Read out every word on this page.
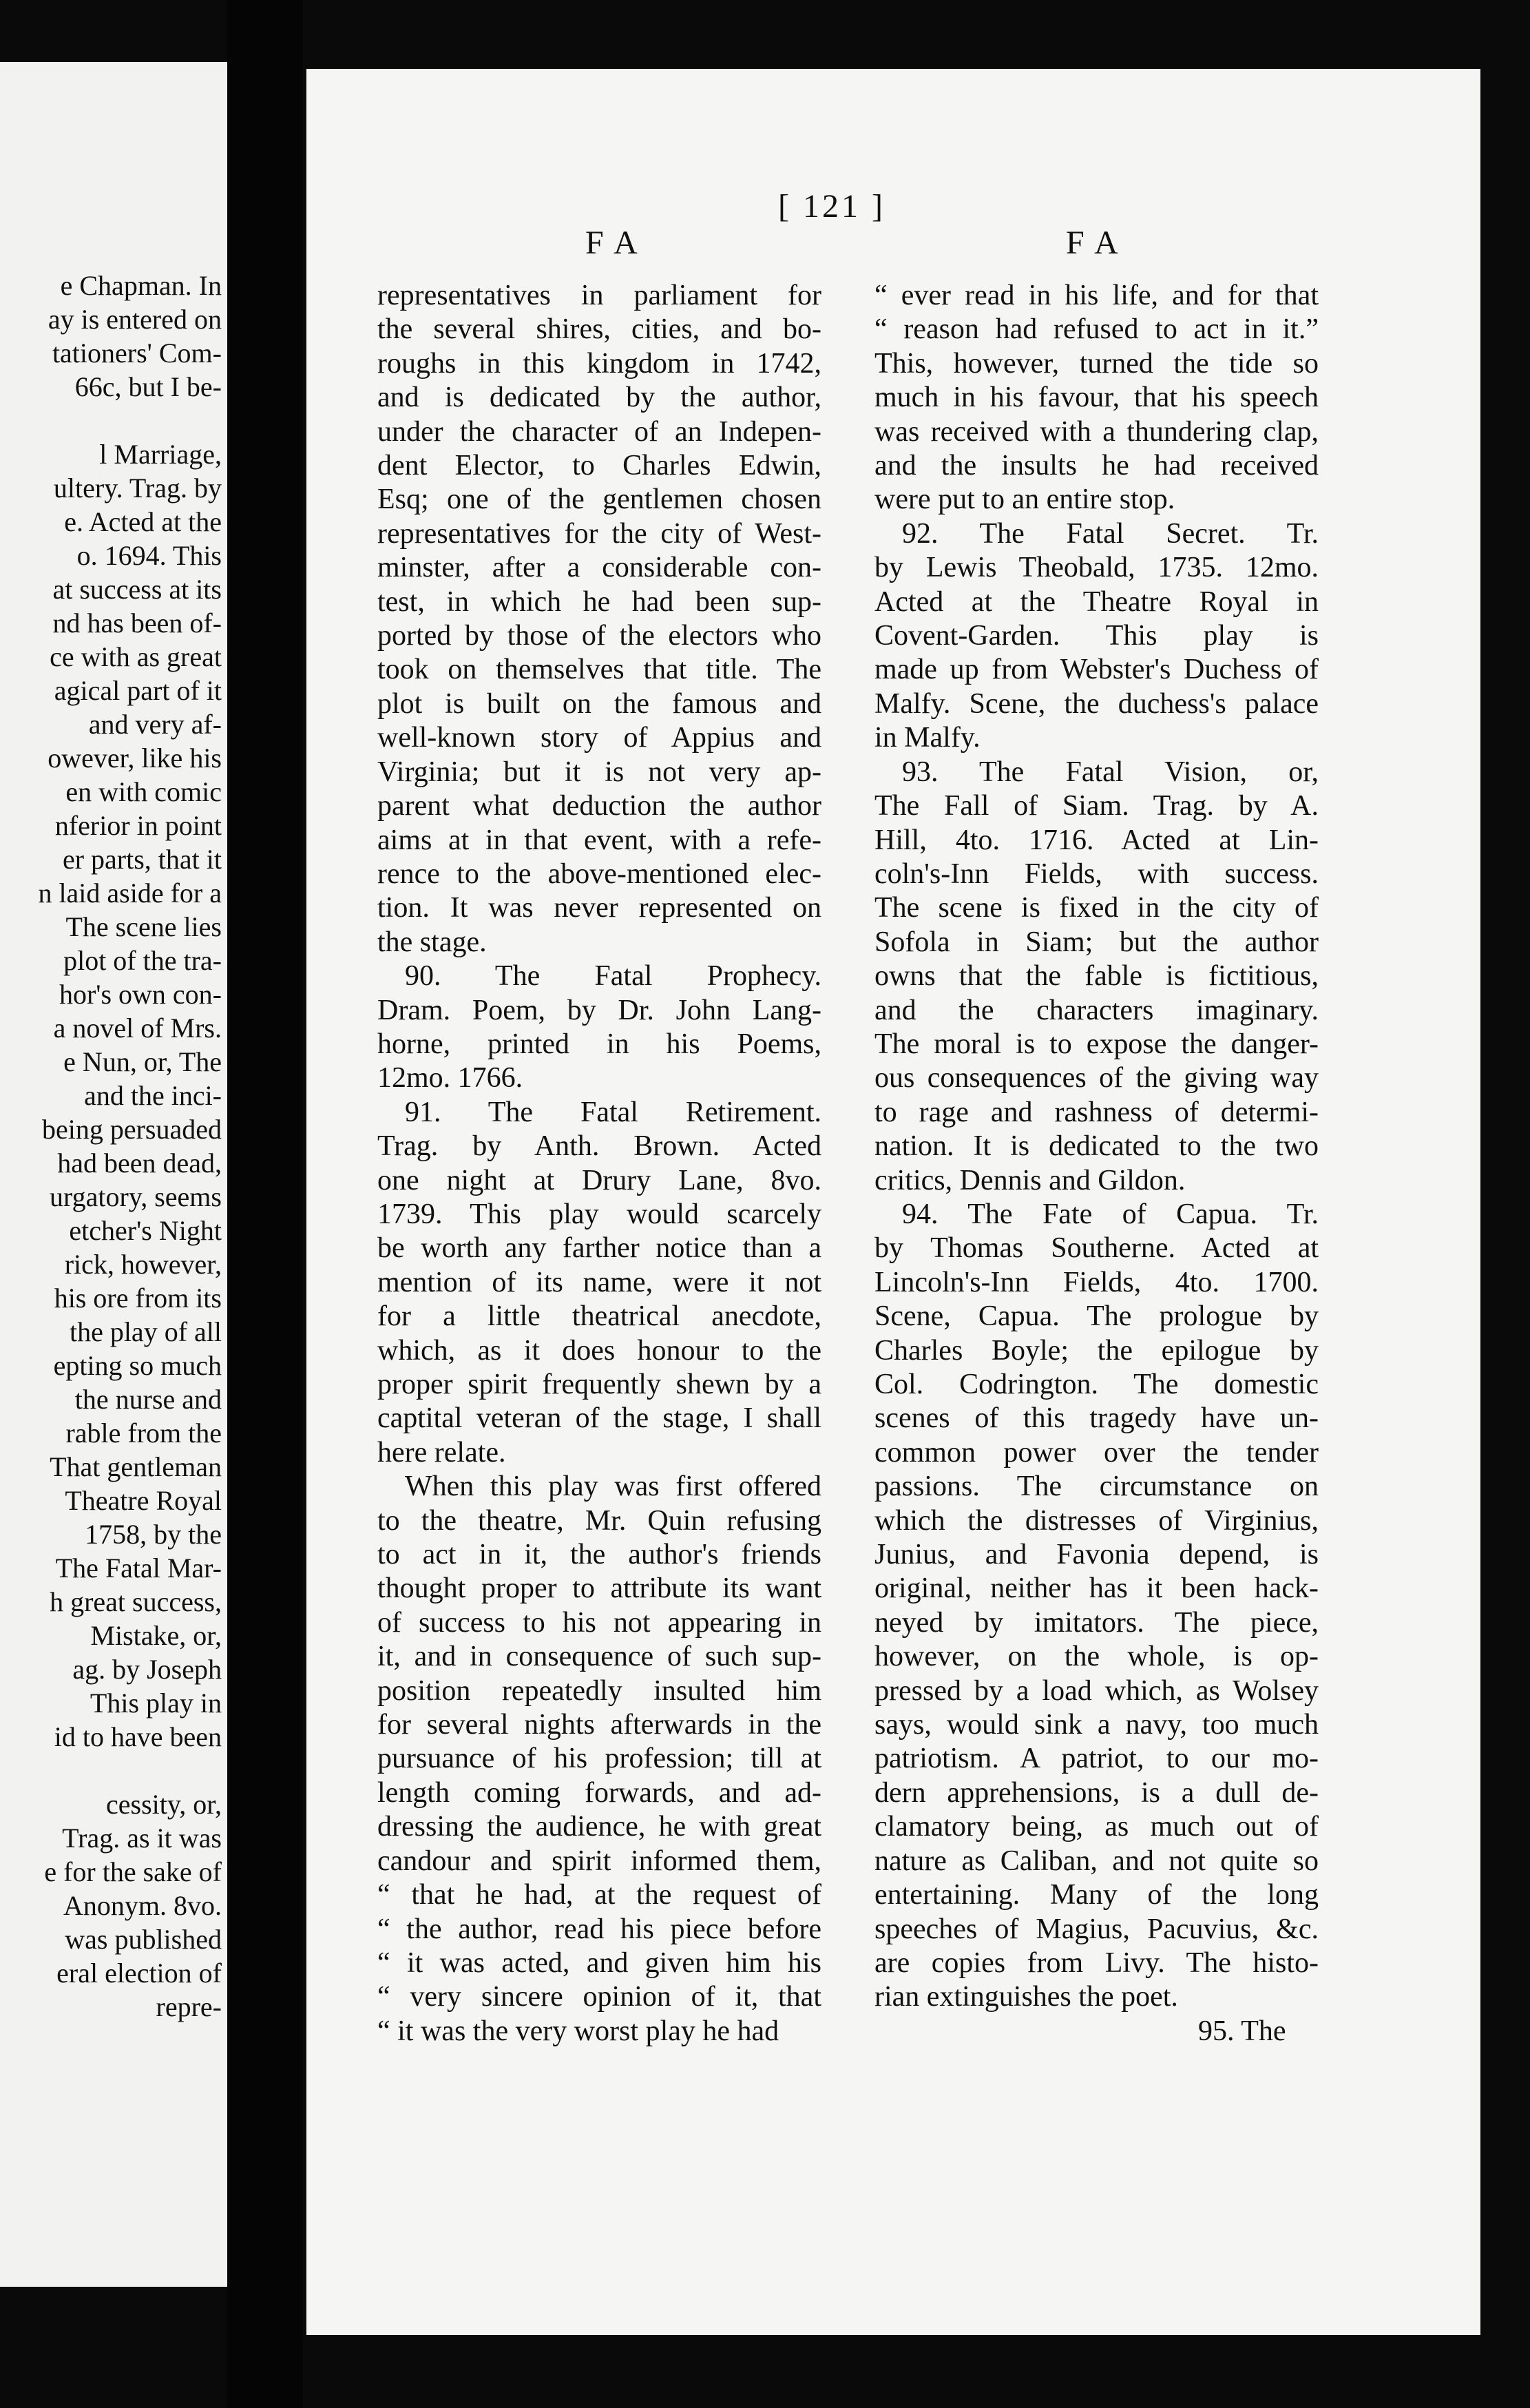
e Chapman. In
ay is entered on
tationers' Com-
66c, but I be-

l Marriage,
ultery. Trag. by
e. Acted at the
o. 1694. This
at success at its
nd has been of-
ce with as great
agical part of it
and very af-
owever, like his
en with comic
nferior in point
er parts, that it
n laid aside for a
The scene lies
plot of the tra-
hor's own con-
a novel of Mrs.
e Nun, or, The
and the inci-
being persuaded
had been dead,
urgatory, seems
etcher's Night
rick, however,
his ore from its
the play of all
epting so much
the nurse and
rable from the
That gentleman
Theatre Royal
1758, by the
The Fatal Mar-
h great success,
Mistake, or,
ag. by Joseph
This play in
id to have been

cessity, or,
Trag. as it was
e for the sake of
Anonym. 8vo.
was published
eral election of
repre-
[ 121 ]
FA	FA
representatives in parliament for
the several shires, cities, and bo-
roughs in this kingdom in 1742,
and is dedicated by the author,
under the character of an Indepen-
dent Elector, to Charles Edwin,
Esq; one of the gentlemen chosen
representatives for the city of West-
minster, after a considerable con-
test, in which he had been sup-
ported by those of the electors who
took on themselves that title. The
plot is built on the famous and
well-known story of Appius and
Virginia; but it is not very ap-
parent what deduction the author
aims at in that event, with a refe-
rence to the above-mentioned elec-
tion. It was never represented on
the stage.
90. The Fatal Prophecy.
Dram. Poem, by Dr. John Lang-
horne, printed in his Poems,
12mo. 1766.
91. The Fatal Retirement.
Trag. by Anth. Brown. Acted
one night at Drury Lane, 8vo.
1739. This play would scarcely
be worth any farther notice than a
mention of its name, were it not
for a little theatrical anecdote,
which, as it does honour to the
proper spirit frequently shewn by a
captital veteran of the stage, I shall
here relate.
When this play was first offered
to the theatre, Mr. Quin refusing
to act in it, the author's friends
thought proper to attribute its want
of success to his not appearing in
it, and in consequence of such sup-
position repeatedly insulted him
for several nights afterwards in the
pursuance of his profession; till at
length coming forwards, and ad-
dressing the audience, he with great
candour and spirit informed them,
“ that he had, at the request of
“ the author, read his piece before
“ it was acted, and given him his
“ very sincere opinion of it, that
“ it was the very worst play he had
“ ever read in his life, and for that
“ reason had refused to act in it.”
This, however, turned the tide so
much in his favour, that his speech
was received with a thundering clap,
and the insults he had received
were put to an entire stop.
92. The Fatal Secret. Tr.
by Lewis Theobald, 1735. 12mo.
Acted at the Theatre Royal in
Covent-Garden. This play is
made up from Webster's Duchess of
Malfy. Scene, the duchess's palace
in Malfy.
93. The Fatal Vision, or,
The Fall of Siam. Trag. by A.
Hill, 4to. 1716. Acted at Lin-
coln's-Inn Fields, with success.
The scene is fixed in the city of
Sofola in Siam; but the author
owns that the fable is fictitious,
and the characters imaginary.
The moral is to expose the danger-
ous consequences of the giving way
to rage and rashness of determi-
nation. It is dedicated to the two
critics, Dennis and Gildon.
94. The Fate of Capua. Tr.
by Thomas Southerne. Acted at
Lincoln's-Inn Fields, 4to. 1700.
Scene, Capua. The prologue by
Charles Boyle; the epilogue by
Col. Codrington. The domestic
scenes of this tragedy have un-
common power over the tender
passions. The circumstance on
which the distresses of Virginius,
Junius, and Favonia depend, is
original, neither has it been hack-
neyed by imitators. The piece,
however, on the whole, is op-
pressed by a load which, as Wolsey
says, would sink a navy, too much
patriotism. A patriot, to our mo-
dern apprehensions, is a dull de-
clamatory being, as much out of
nature as Caliban, and not quite so
entertaining. Many of the long
speeches of Magius, Pacuvius, &c.
are copies from Livy. The histo-
rian extinguishes the poet.
95. The
